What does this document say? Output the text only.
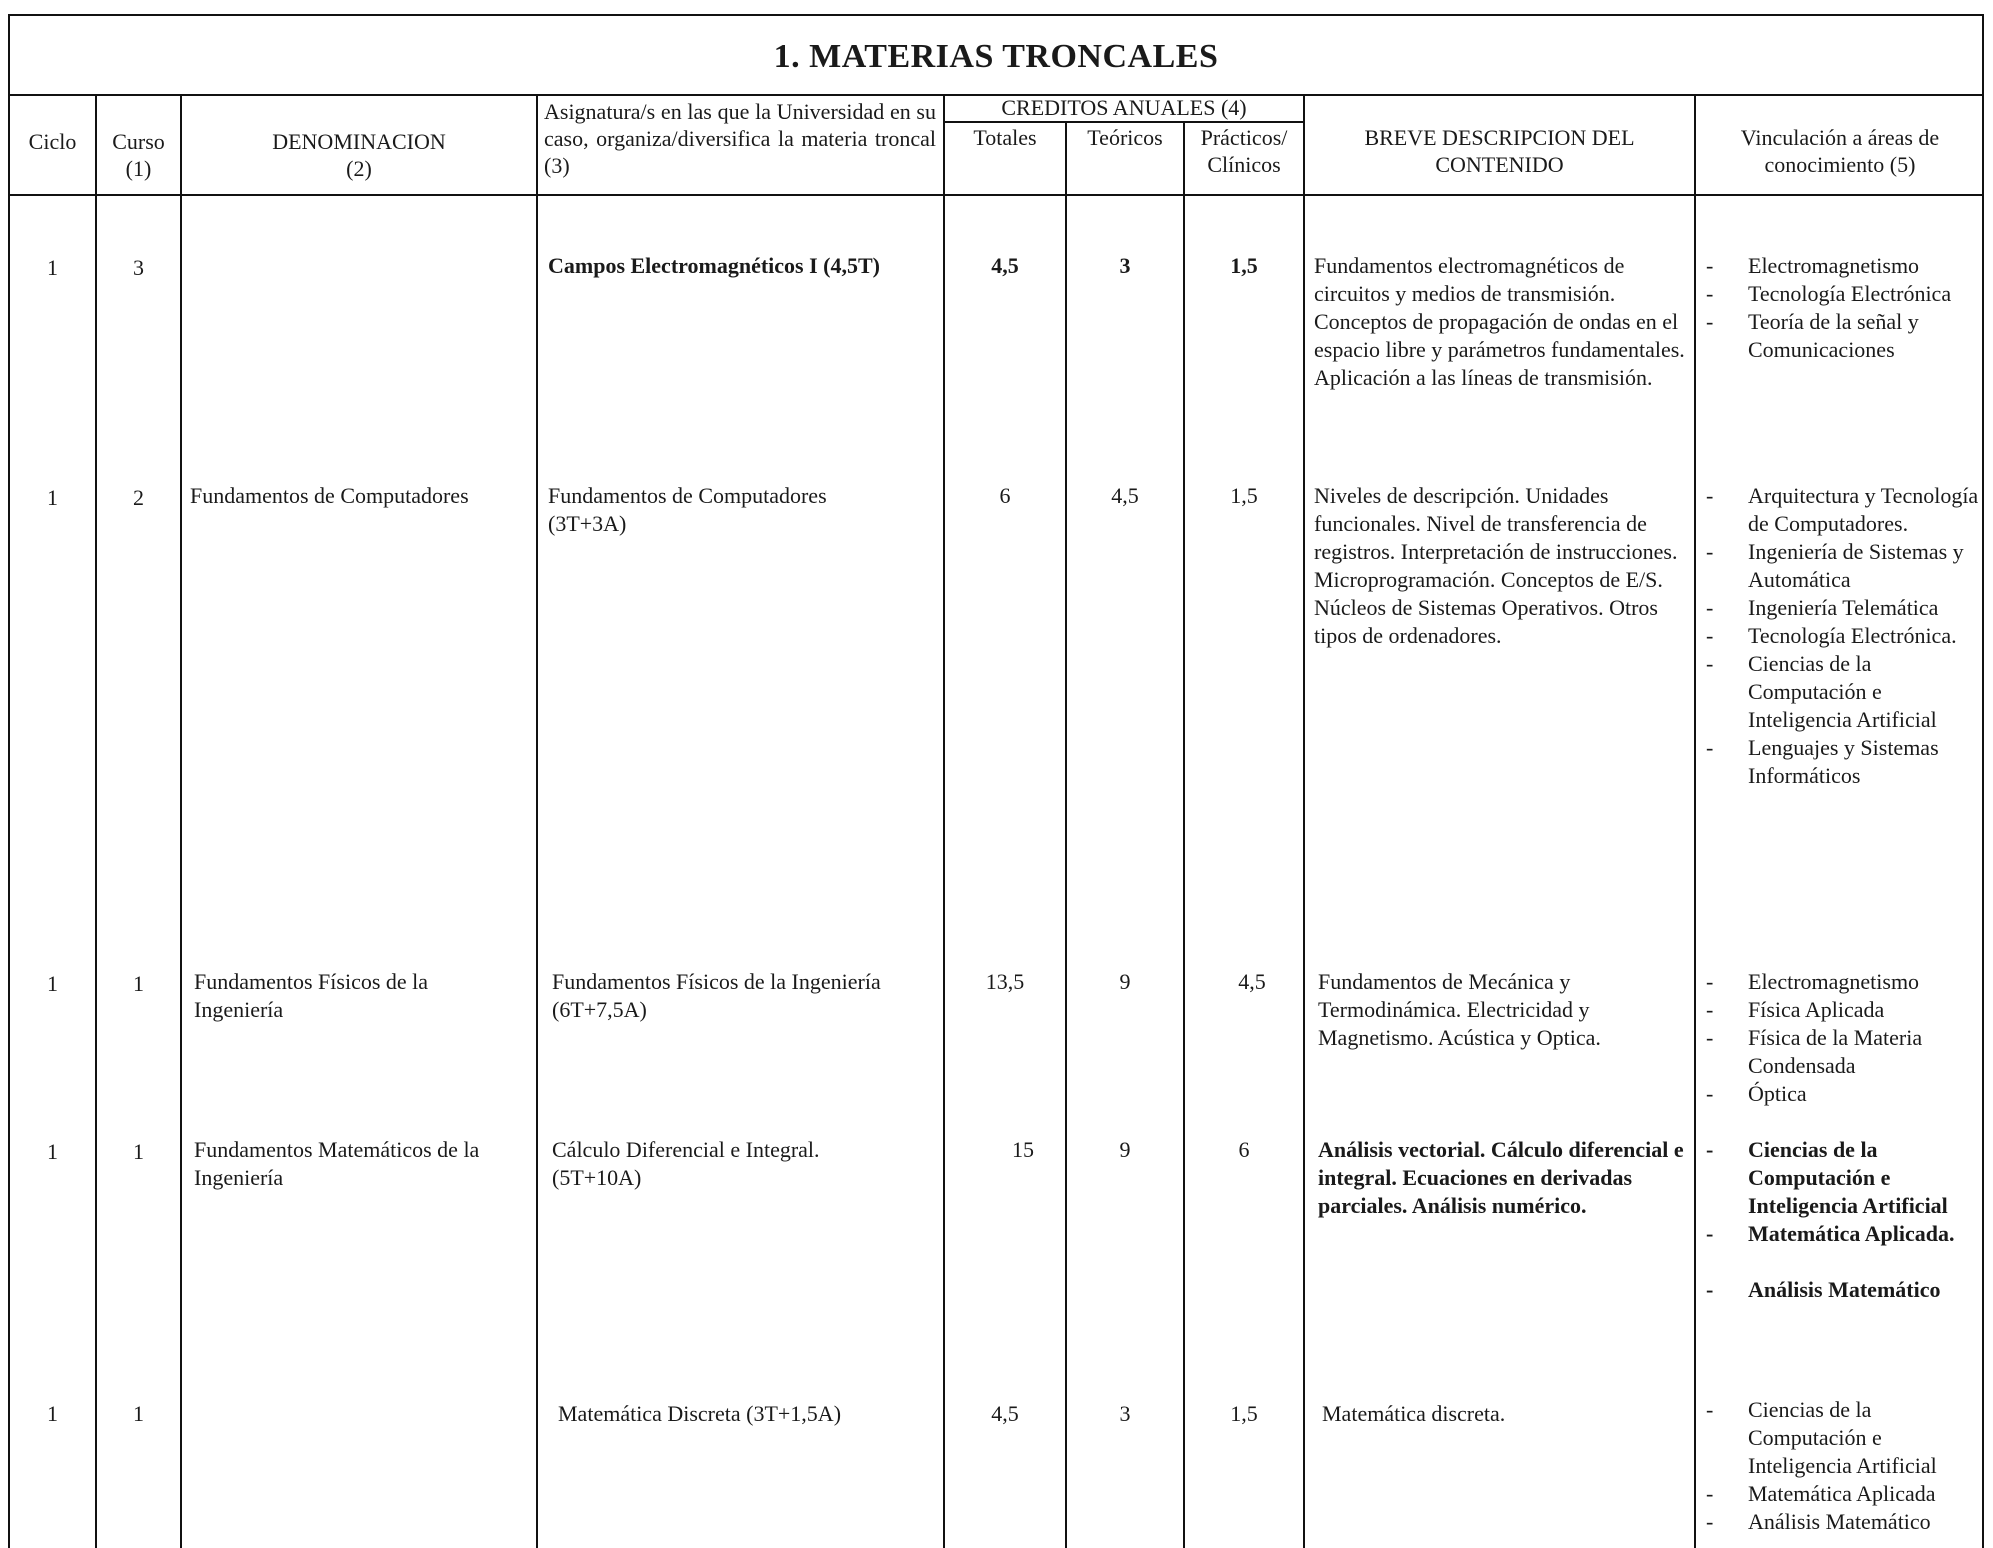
1. MATERIAS TRONCALES
Ciclo	Curso
(1)
DENOMINACION
(2)
Asignatura/s en las que la Universidad en su caso, organiza/diversifica la materia troncal (3)
CREDITOS ANUALES (4)
Totales	Teóricos	Prácticos/
Clínicos
BREVE DESCRIPCION DEL
CONTENIDO
Vinculación a áreas de
conocimiento (5)
1	3	Campos Electromagnéticos I (4,5T)	4,5	3	1,5	Fundamentos electromagnéticos de circuitos y medios de transmisión. Conceptos de propagación de ondas en el espacio libre y parámetros fundamentales. Aplicación a las líneas de transmisión.
- Electromagnetismo
- Tecnología Electrónica
- Teoría de la señal y Comunicaciones
1	2	Fundamentos de Computadores	Fundamentos de Computadores (3T+3A)
6	4,5	1,5	Niveles de descripción. Unidades funcionales. Nivel de transferencia de registros. Interpretación de instrucciones. Microprogramación. Conceptos de E/S. Núcleos de Sistemas Operativos. Otros tipos de ordenadores.
- Arquitectura y Tecnología de Computadores.
- Ingeniería de Sistemas y Automática
- Ingeniería Telemática
- Tecnología Electrónica.
- Ciencias de la Computación e Inteligencia Artificial
- Lenguajes y Sistemas Informáticos
1	1	Fundamentos Físicos de la Ingeniería
Fundamentos Físicos de la Ingeniería (6T+7,5A)
13,5	9	4,5	Fundamentos de Mecánica y Termodinámica. Electricidad y Magnetismo. Acústica y Optica.
- Electromagnetismo
- Física Aplicada
- Física de la Materia Condensada
- Óptica
1	1	Fundamentos Matemáticos de la Ingeniería
Cálculo Diferencial e Integral. (5T+10A)
15	9	6	Análisis vectorial. Cálculo diferencial e integral. Ecuaciones en derivadas parciales. Análisis numérico.
- Ciencias de la Computación e Inteligencia Artificial
- Matemática Aplicada.
- Análisis Matemático
1	1	Matemática Discreta (3T+1,5A)	4,5	3	1,5	Matemática discreta.
-	Ciencias de la Computación e Inteligencia Artificial
- Matemática Aplicada
- Análisis Matemático
